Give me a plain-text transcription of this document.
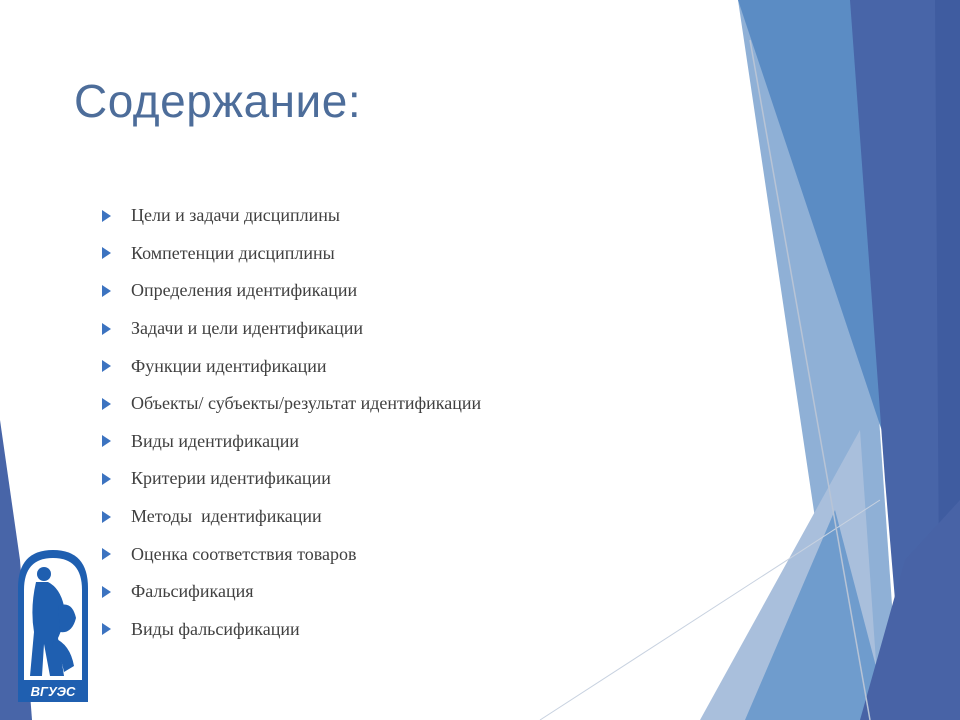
Содержание:
Цели и задачи дисциплины
Компетенции дисциплины
Определения идентификации
Задачи и цели идентификации
Функции идентификации
Объекты/ субъекты/результат идентификации
Виды идентификации
Критерии идентификации
Методы  идентификации
Оценка соответствия товаров
Фальсификация
Виды фальсификации
ВГУЭС
